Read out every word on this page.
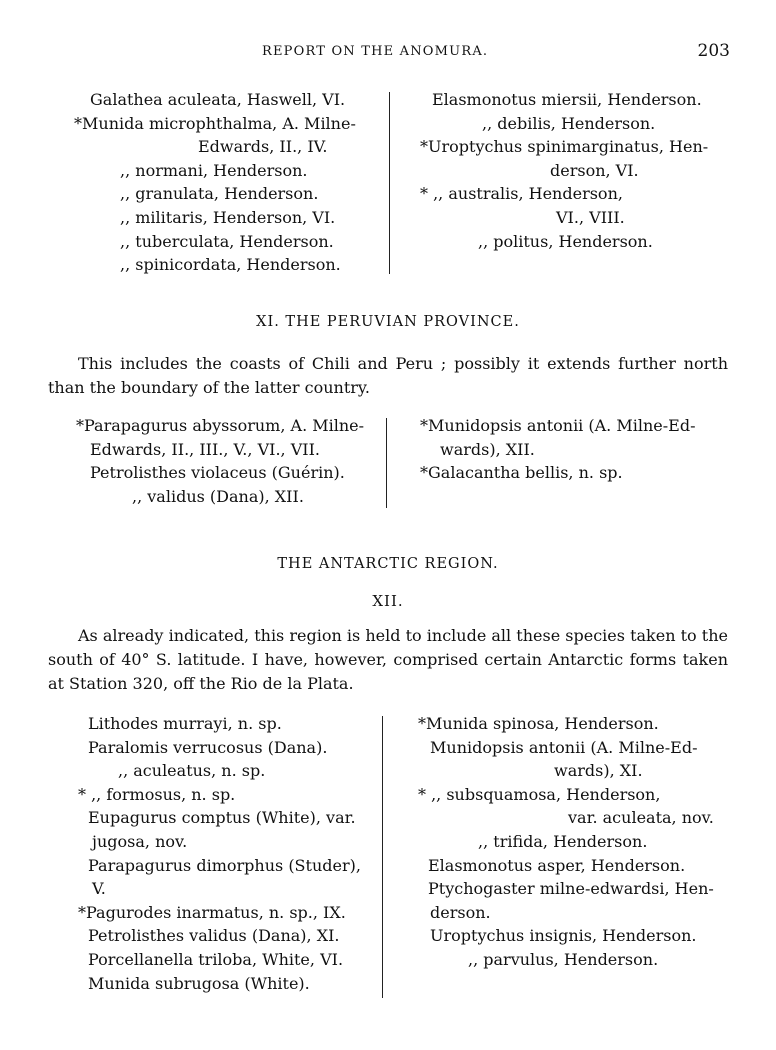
REPORT ON THE ANOMURA.	203
Galathea aculeata, Haswell, VI.
*Munida microphthalma, A. Milne-
Edwards, II., IV.
,, normani, Henderson.
,, granulata, Henderson.
,, militaris, Henderson, VI.
,, tuberculata, Henderson.
,, spinicordata, Henderson.
Elasmonotus miersii, Henderson.
,, debilis, Henderson.
*Uroptychus spinimarginatus, Hen-
derson, VI.
* ,, australis, Henderson,
VI., VIII.
,, politus, Henderson.
XI. THE PERUVIAN PROVINCE.
This includes the coasts of Chili and Peru ; possibly it extends further north than the boundary of the latter country.
*Parapagurus abyssorum, A. Milne-
Edwards, II., III., V., VI., VII.
Petrolisthes violaceus (Guérin).
,, validus (Dana), XII.
*Munidopsis antonii (A. Milne-Ed-
wards), XII.
*Galacantha bellis, n. sp.
THE ANTARCTIC REGION.
XII.
As already indicated, this region is held to include all these species taken to the south of 40° S. latitude. I have, however, comprised certain Antarctic forms taken at Station 320, off the Rio de la Plata.
Lithodes murrayi, n. sp.
Paralomis verrucosus (Dana).
,, aculeatus, n. sp.
* ,, formosus, n. sp.
Eupagurus comptus (White), var.
jugosa, nov.
Parapagurus dimorphus (Studer),
V.
*Pagurodes inarmatus, n. sp., IX.
Petrolisthes validus (Dana), XI.
Porcellanella triloba, White, VI.
Munida subrugosa (White).
*Munida spinosa, Henderson.
Munidopsis antonii (A. Milne-Ed-
wards), XI.
* ,, subsquamosa, Henderson,
var. aculeata, nov.
,, trifida, Henderson.
Elasmonotus asper, Henderson.
Ptychogaster milne-edwardsi, Hen-
derson.
Uroptychus insignis, Henderson.
,, parvulus, Henderson.
